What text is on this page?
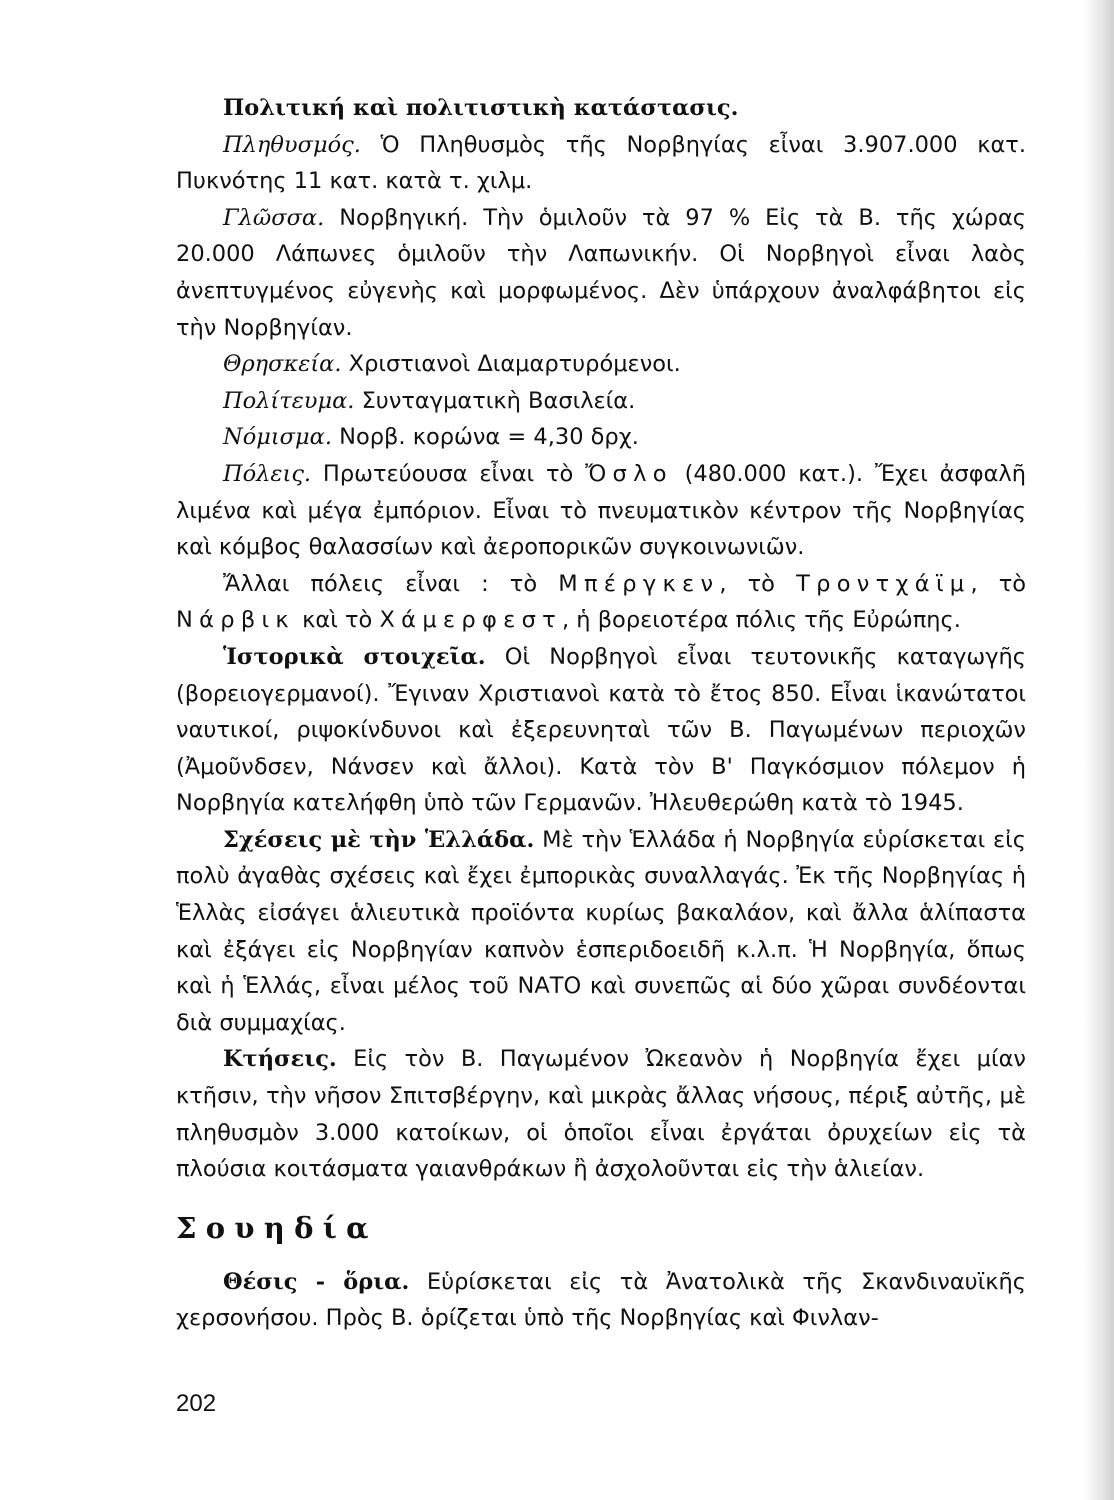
Πολιτική καὶ πολιτιστικὴ κατάστασις.

Πληθυσμός. Ὁ Πληθυσμὸς τῆς Νορβηγίας εἶναι 3.907.000 κατ. Πυκνότης 11 κατ. κατὰ τ. χιλμ.

Γλῶσσα. Νορβηγική. Τὴν ὁμιλοῦν τὰ 97 % Εἰς τὰ Β. τῆς χώρας 20.000 Λάπωνες ὁμιλοῦν τὴν Λαπωνικήν. Οἱ Νορβηγοὶ εἶναι λαὸς ἀνεπτυγμένος εὐγενὴς καὶ μορφωμένος. Δὲν ὑπάρχουν ἀναλφάβητοι εἰς τὴν Νορβηγίαν.

Θρησκεία. Χριστιανοὶ Διαμαρτυρόμενοι.

Πολίτευμα. Συνταγματικὴ Βασιλεία.

Νόμισμα. Νορβ. κορώνα = 4,30 δρχ.

Πόλεις. Πρωτεύουσα εἶναι τὸ Ὄσλο (480.000 κατ.). Ἔχει ἀσφαλῆ λιμένα καὶ μέγα ἐμπόριον. Εἶναι τὸ πνευματικὸν κέντρον τῆς Νορβηγίας καὶ κόμβος θαλασσίων καὶ ἀεροπορικῶν συγκοινωνιῶν.

Ἄλλαι πόλεις εἶναι : τὸ Μπέργκεν, τὸ Τροντχάϊμ, τὸ Νάρβικ καὶ τὸ Χάμερφεστ, ἡ βορειοτέρα πόλις τῆς Εὐρώπης.

Ἱστορικὰ στοιχεῖα. Οἱ Νορβηγοὶ εἶναι τευτονικῆς καταγωγῆς (βορειογερμανοί). Ἔγιναν Χριστιανοὶ κατὰ τὸ ἔτος 850. Εἶναι ἱκανώτατοι ναυτικοί, ριψοκίνδυνοι καὶ ἐξερευνηταὶ τῶν Β. Παγωμένων περιοχῶν (Ἀμοῦνδσεν, Νάνσεν καὶ ἄλλοι). Κατὰ τὸν Β' Παγκόσμιον πόλεμον ἡ Νορβηγία κατελήφθη ὑπὸ τῶν Γερμανῶν. Ἠλευθερώθη κατὰ τὸ 1945.

Σχέσεις μὲ τὴν Ἑλλάδα. Μὲ τὴν Ἑλλάδα ἡ Νορβηγία εὑρίσκεται εἰς πολὺ ἀγαθὰς σχέσεις καὶ ἔχει ἐμπορικὰς συναλλαγάς. Ἐκ τῆς Νορβηγίας ἡ Ἑλλὰς εἰσάγει ἁλιευτικὰ προϊόντα κυρίως βακαλάον, καὶ ἄλλα ἁλίπαστα καὶ ἐξάγει εἰς Νορβηγίαν καπνὸν ἑσπεριδοειδῆ κ.λ.π. Ἡ Νορβηγία, ὅπως καὶ ἡ Ἑλλάς, εἶναι μέλος τοῦ ΝΑΤΟ καὶ συνεπῶς αἱ δύο χῶραι συνδέονται διὰ συμμαχίας.

Κτήσεις. Εἰς τὸν Β. Παγωμένον Ὠκεανὸν ἡ Νορβηγία ἔχει μίαν κτῆσιν, τὴν νῆσον Σπιτσβέργην, καὶ μικρὰς ἄλλας νήσους, πέριξ αὐτῆς, μὲ πληθυσμὸν 3.000 κατοίκων, οἱ ὁποῖοι εἶναι ἐργάται ὀρυχείων εἰς τὰ πλούσια κοιτάσματα γαιανθράκων ἢ ἀσχολοῦνται εἰς τὴν ἁλιείαν.

Σουηδία

Θέσις - ὅρια. Εὑρίσκεται εἰς τὰ Ἀνατολικὰ τῆς Σκανδιναυϊκῆς χερσονήσου. Πρὸς Β. ὁρίζεται ὑπὸ τῆς Νορβηγίας καὶ Φινλαν-

202
